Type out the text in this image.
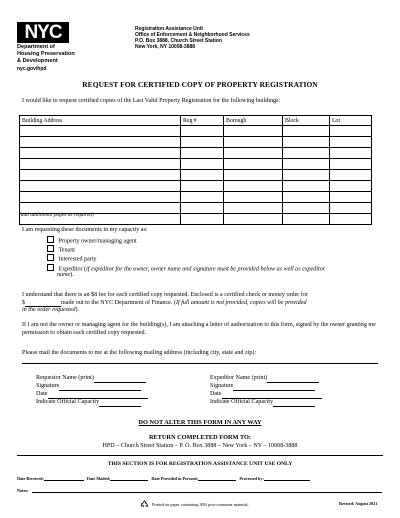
NYC
Department of
Housing Preservation
& Development
nyc.gov/hpd
Registration Assistance Unit
Office of Enforcement & Neighborhood Services
P.O. Box 3888, Church Street Station
New York, NY 10008-3888
REQUEST FOR CERTIFIED COPY OF PROPERTY REGISTRATION
I would like to request certified copies of the Last Valid Property Registration for the following buildings:
Building Address	Reg #	Borough	Block	Lot

(add additional pages as required)
I am requesting these documents in my capacity as:
Property owner/managing agent
Tenant
Interested party
Expeditor (if expeditor for the owner, owner name and signature must be provided below as well as expeditor
name).
I understand that there is an $8 fee for each certified copy requested. Enclosed is a certified check or money order for
$	made out to the NYC Department of Finance. (If full amount is not provided, copies will be provided
in the order requested).
If I am not the owner or managing agent for the building(s), I am attaching a letter of authorization to this form, signed by the owner granting me permission to obtain each certified copy requested.
Please mail the documents to me at the following mailing address (including city, state and zip):
Requestor Name (print)
Signature
Date
Indicate Official Capacity
Expeditor Name (print)
Signature
Date
Indicate Official Capacity
DO NOT ALTER THIS FORM IN ANY WAY
RETURN COMPLETED FORM TO:
HPD – Church Street Station – P. O. Box 3888 – New York – NY – 10008-3888
THIS SECTION IS FOR REGISTRATION ASSISTANCE UNIT USE ONLY
Date Received:	Date Mailed:	Date Provided in Person#:	Processed by:
Notes:
Printed on paper containing 30% post-consumer material.	Revised: August 2021
